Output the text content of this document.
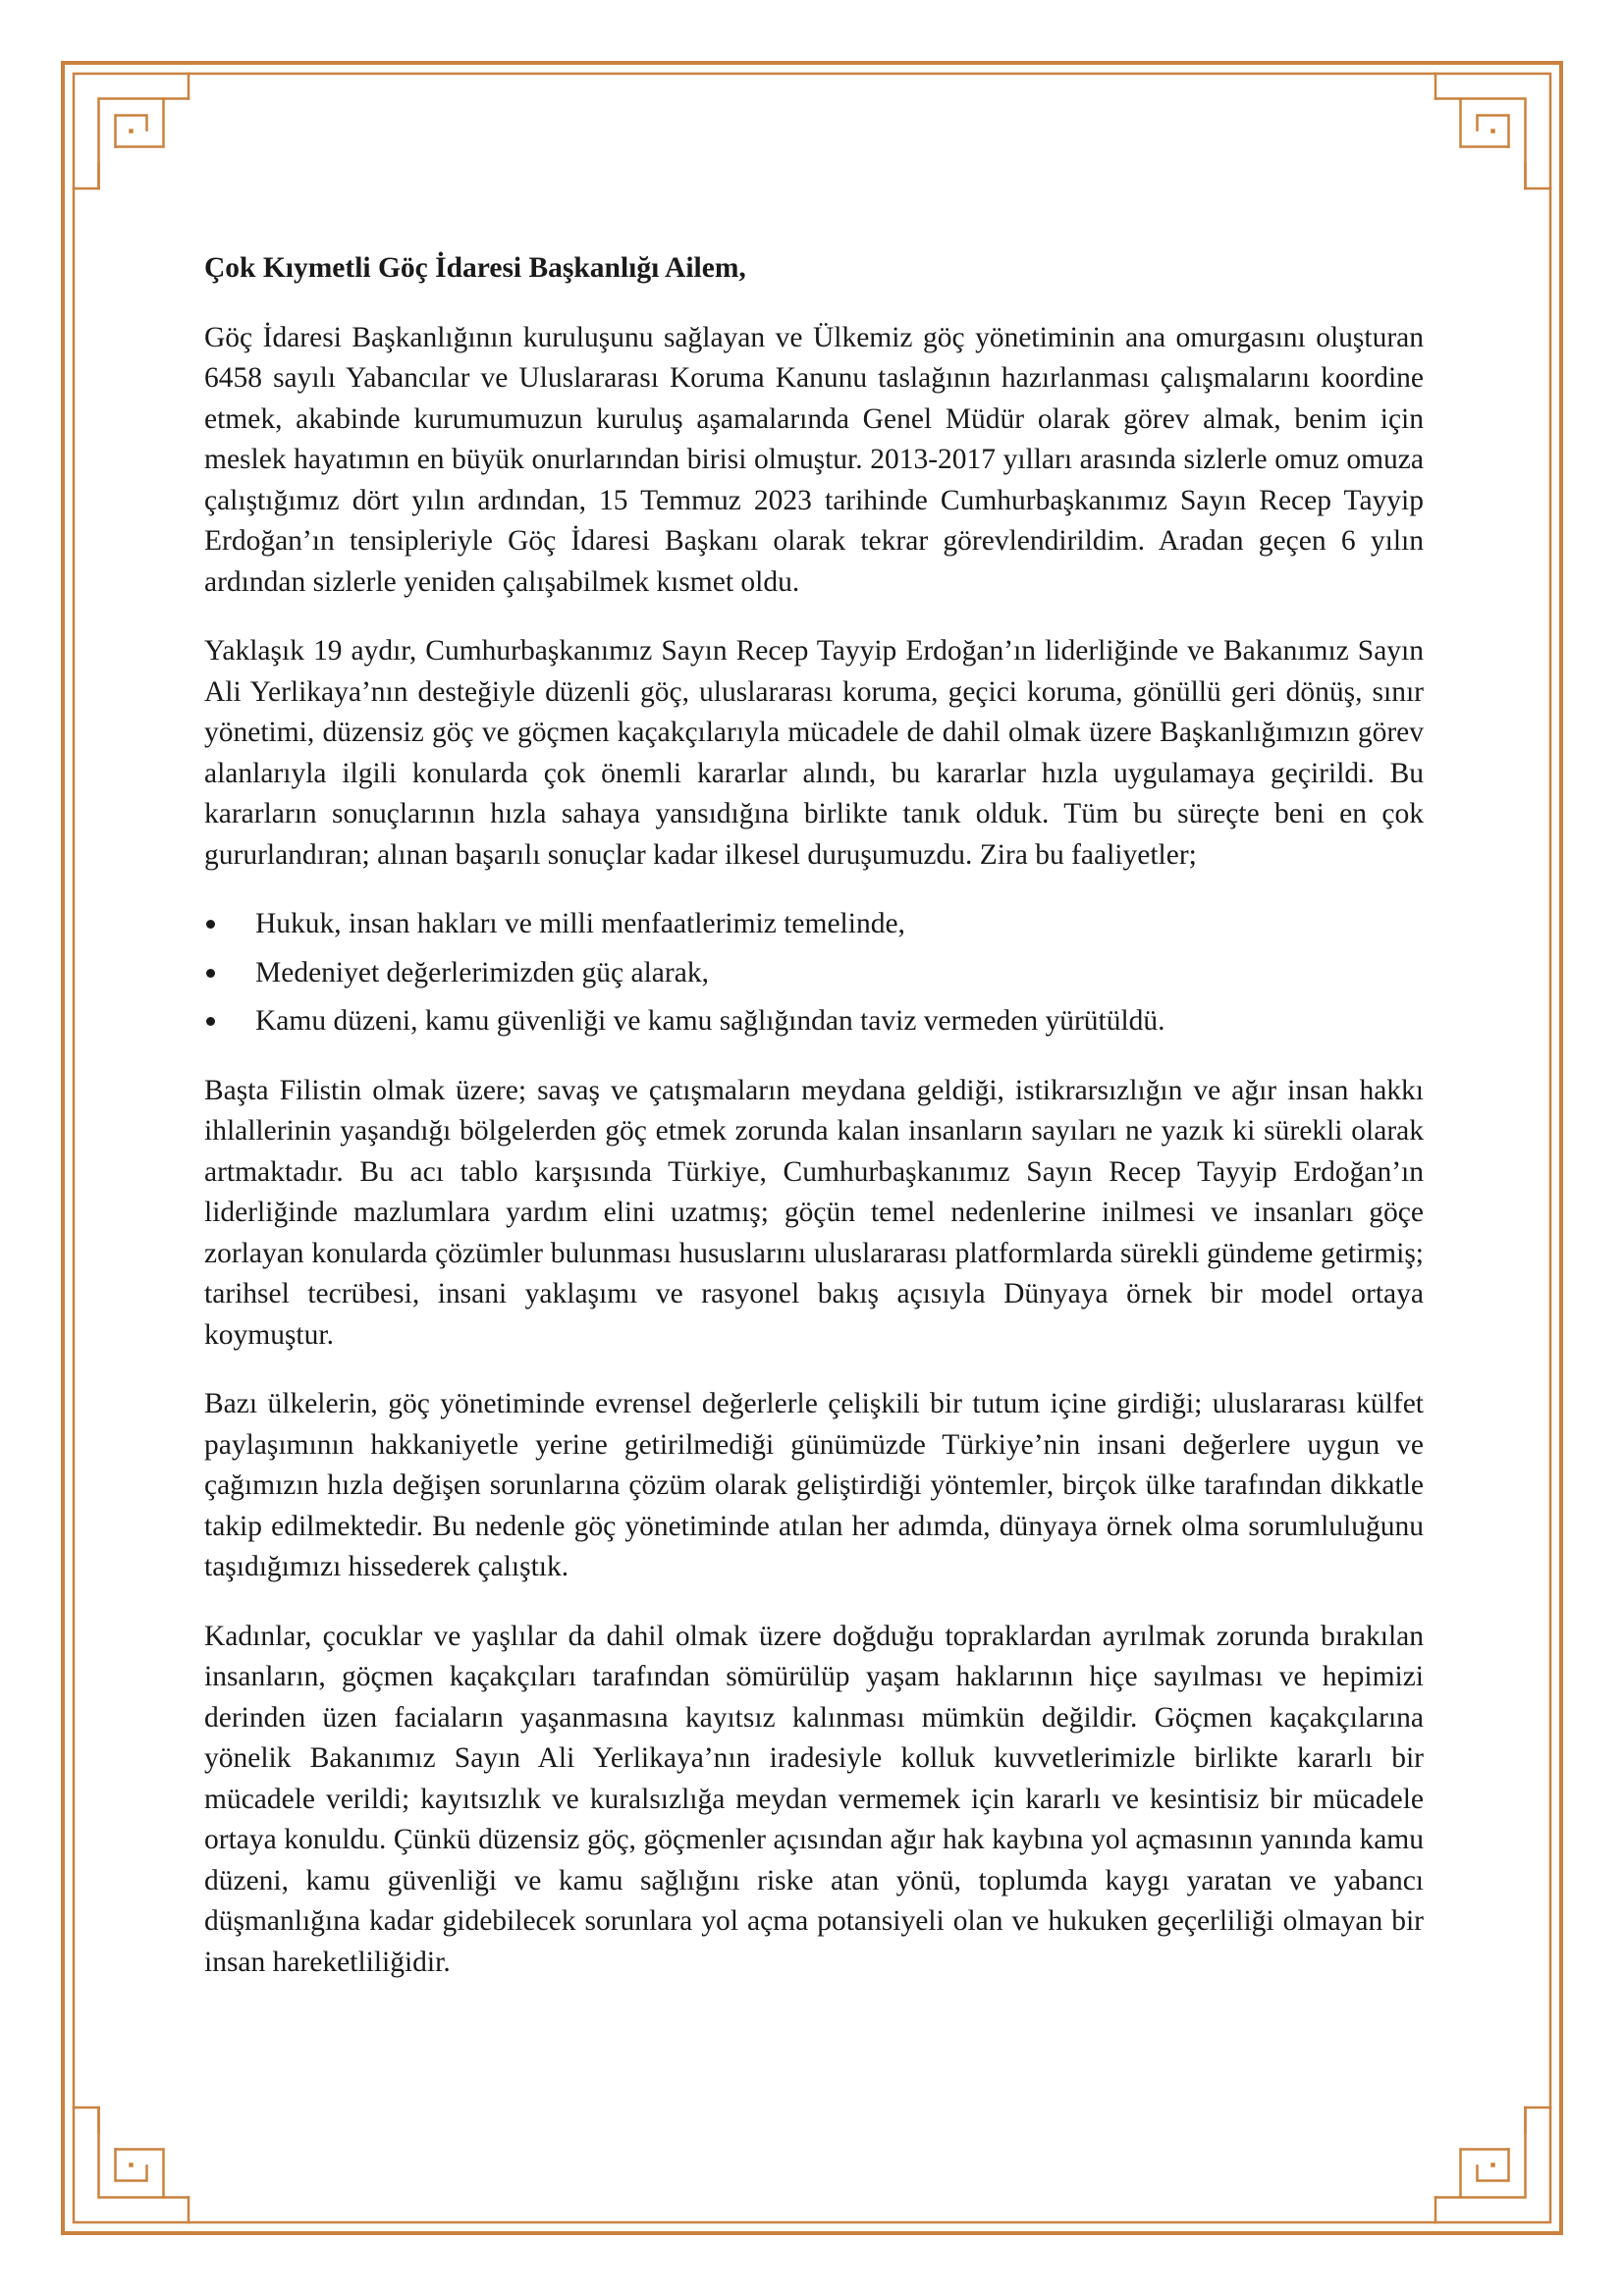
Çok Kıymetli Göç İdaresi Başkanlığı Ailem,

Göç İdaresi Başkanlığının kuruluşunu sağlayan ve Ülkemiz göç yönetiminin ana omurgasını oluşturan 6458 sayılı Yabancılar ve Uluslararası Koruma Kanunu taslağının hazırlanması çalışmalarını koordine etmek, akabinde kurumumuzun kuruluş aşamalarında Genel Müdür olarak görev almak, benim için meslek hayatımın en büyük onurlarından birisi olmuştur. 2013-2017 yılları arasında sizlerle omuz omuza çalıştığımız dört yılın ardından, 15 Temmuz 2023 tarihinde Cumhurbaşkanımız Sayın Recep Tayyip Erdoğan’ın tensipleriyle Göç İdaresi Başkanı olarak tekrar görevlendirildim. Aradan geçen 6 yılın ardından sizlerle yeniden çalışabilmek kısmet oldu.

Yaklaşık 19 aydır, Cumhurbaşkanımız Sayın Recep Tayyip Erdoğan’ın liderliğinde ve Bakanımız Sayın Ali Yerlikaya’nın desteğiyle düzenli göç, uluslararası koruma, geçici koruma, gönüllü geri dönüş, sınır yönetimi, düzensiz göç ve göçmen kaçakçılarıyla mücadele de dahil olmak üzere Başkanlığımızın görev alanlarıyla ilgili konularda çok önemli kararlar alındı, bu kararlar hızla uygulamaya geçirildi. Bu kararların sonuçlarının hızla sahaya yansıdığına birlikte tanık olduk. Tüm bu süreçte beni en çok gururlandıran; alınan başarılı sonuçlar kadar ilkesel duruşumuzdu. Zira bu faaliyetler;

Hukuk, insan hakları ve milli menfaatlerimiz temelinde,
Medeniyet değerlerimizden güç alarak,
Kamu düzeni, kamu güvenliği ve kamu sağlığından taviz vermeden yürütüldü.

Başta Filistin olmak üzere; savaş ve çatışmaların meydana geldiği, istikrarsızlığın ve ağır insan hakkı ihlallerinin yaşandığı bölgelerden göç etmek zorunda kalan insanların sayıları ne yazık ki sürekli olarak artmaktadır. Bu acı tablo karşısında Türkiye, Cumhurbaşkanımız Sayın Recep Tayyip Erdoğan’ın liderliğinde mazlumlara yardım elini uzatmış; göçün temel nedenlerine inilmesi ve insanları göçe zorlayan konularda çözümler bulunması hususlarını uluslararası platformlarda sürekli gündeme getirmiş; tarihsel tecrübesi, insani yaklaşımı ve rasyonel bakış açısıyla Dünyaya örnek bir model ortaya koymuştur.

Bazı ülkelerin, göç yönetiminde evrensel değerlerle çelişkili bir tutum içine girdiği; uluslararası külfet paylaşımının hakkaniyetle yerine getirilmediği günümüzde Türkiye’nin insani değerlere uygun ve çağımızın hızla değişen sorunlarına çözüm olarak geliştirdiği yöntemler, birçok ülke tarafından dikkatle takip edilmektedir. Bu nedenle göç yönetiminde atılan her adımda, dünyaya örnek olma sorumluluğunu taşıdığımızı hissederek çalıştık.

Kadınlar, çocuklar ve yaşlılar da dahil olmak üzere doğduğu topraklardan ayrılmak zorunda bırakılan insanların, göçmen kaçakçıları tarafından sömürülüp yaşam haklarının hiçe sayılması ve hepimizi derinden üzen faciaların yaşanmasına kayıtsız kalınması mümkün değildir. Göçmen kaçakçılarına yönelik Bakanımız Sayın Ali Yerlikaya’nın iradesiyle kolluk kuvvetlerimizle birlikte kararlı bir mücadele verildi; kayıtsızlık ve kuralsızlığa meydan vermemek için kararlı ve kesintisiz bir mücadele ortaya konuldu. Çünkü düzensiz göç, göçmenler açısından ağır hak kaybına yol açmasının yanında kamu düzeni, kamu güvenliği ve kamu sağlığını riske atan yönü, toplumda kaygı yaratan ve yabancı düşmanlığına kadar gidebilecek sorunlara yol açma potansiyeli olan ve hukuken geçerliliği olmayan bir insan hareketliliğidir.
